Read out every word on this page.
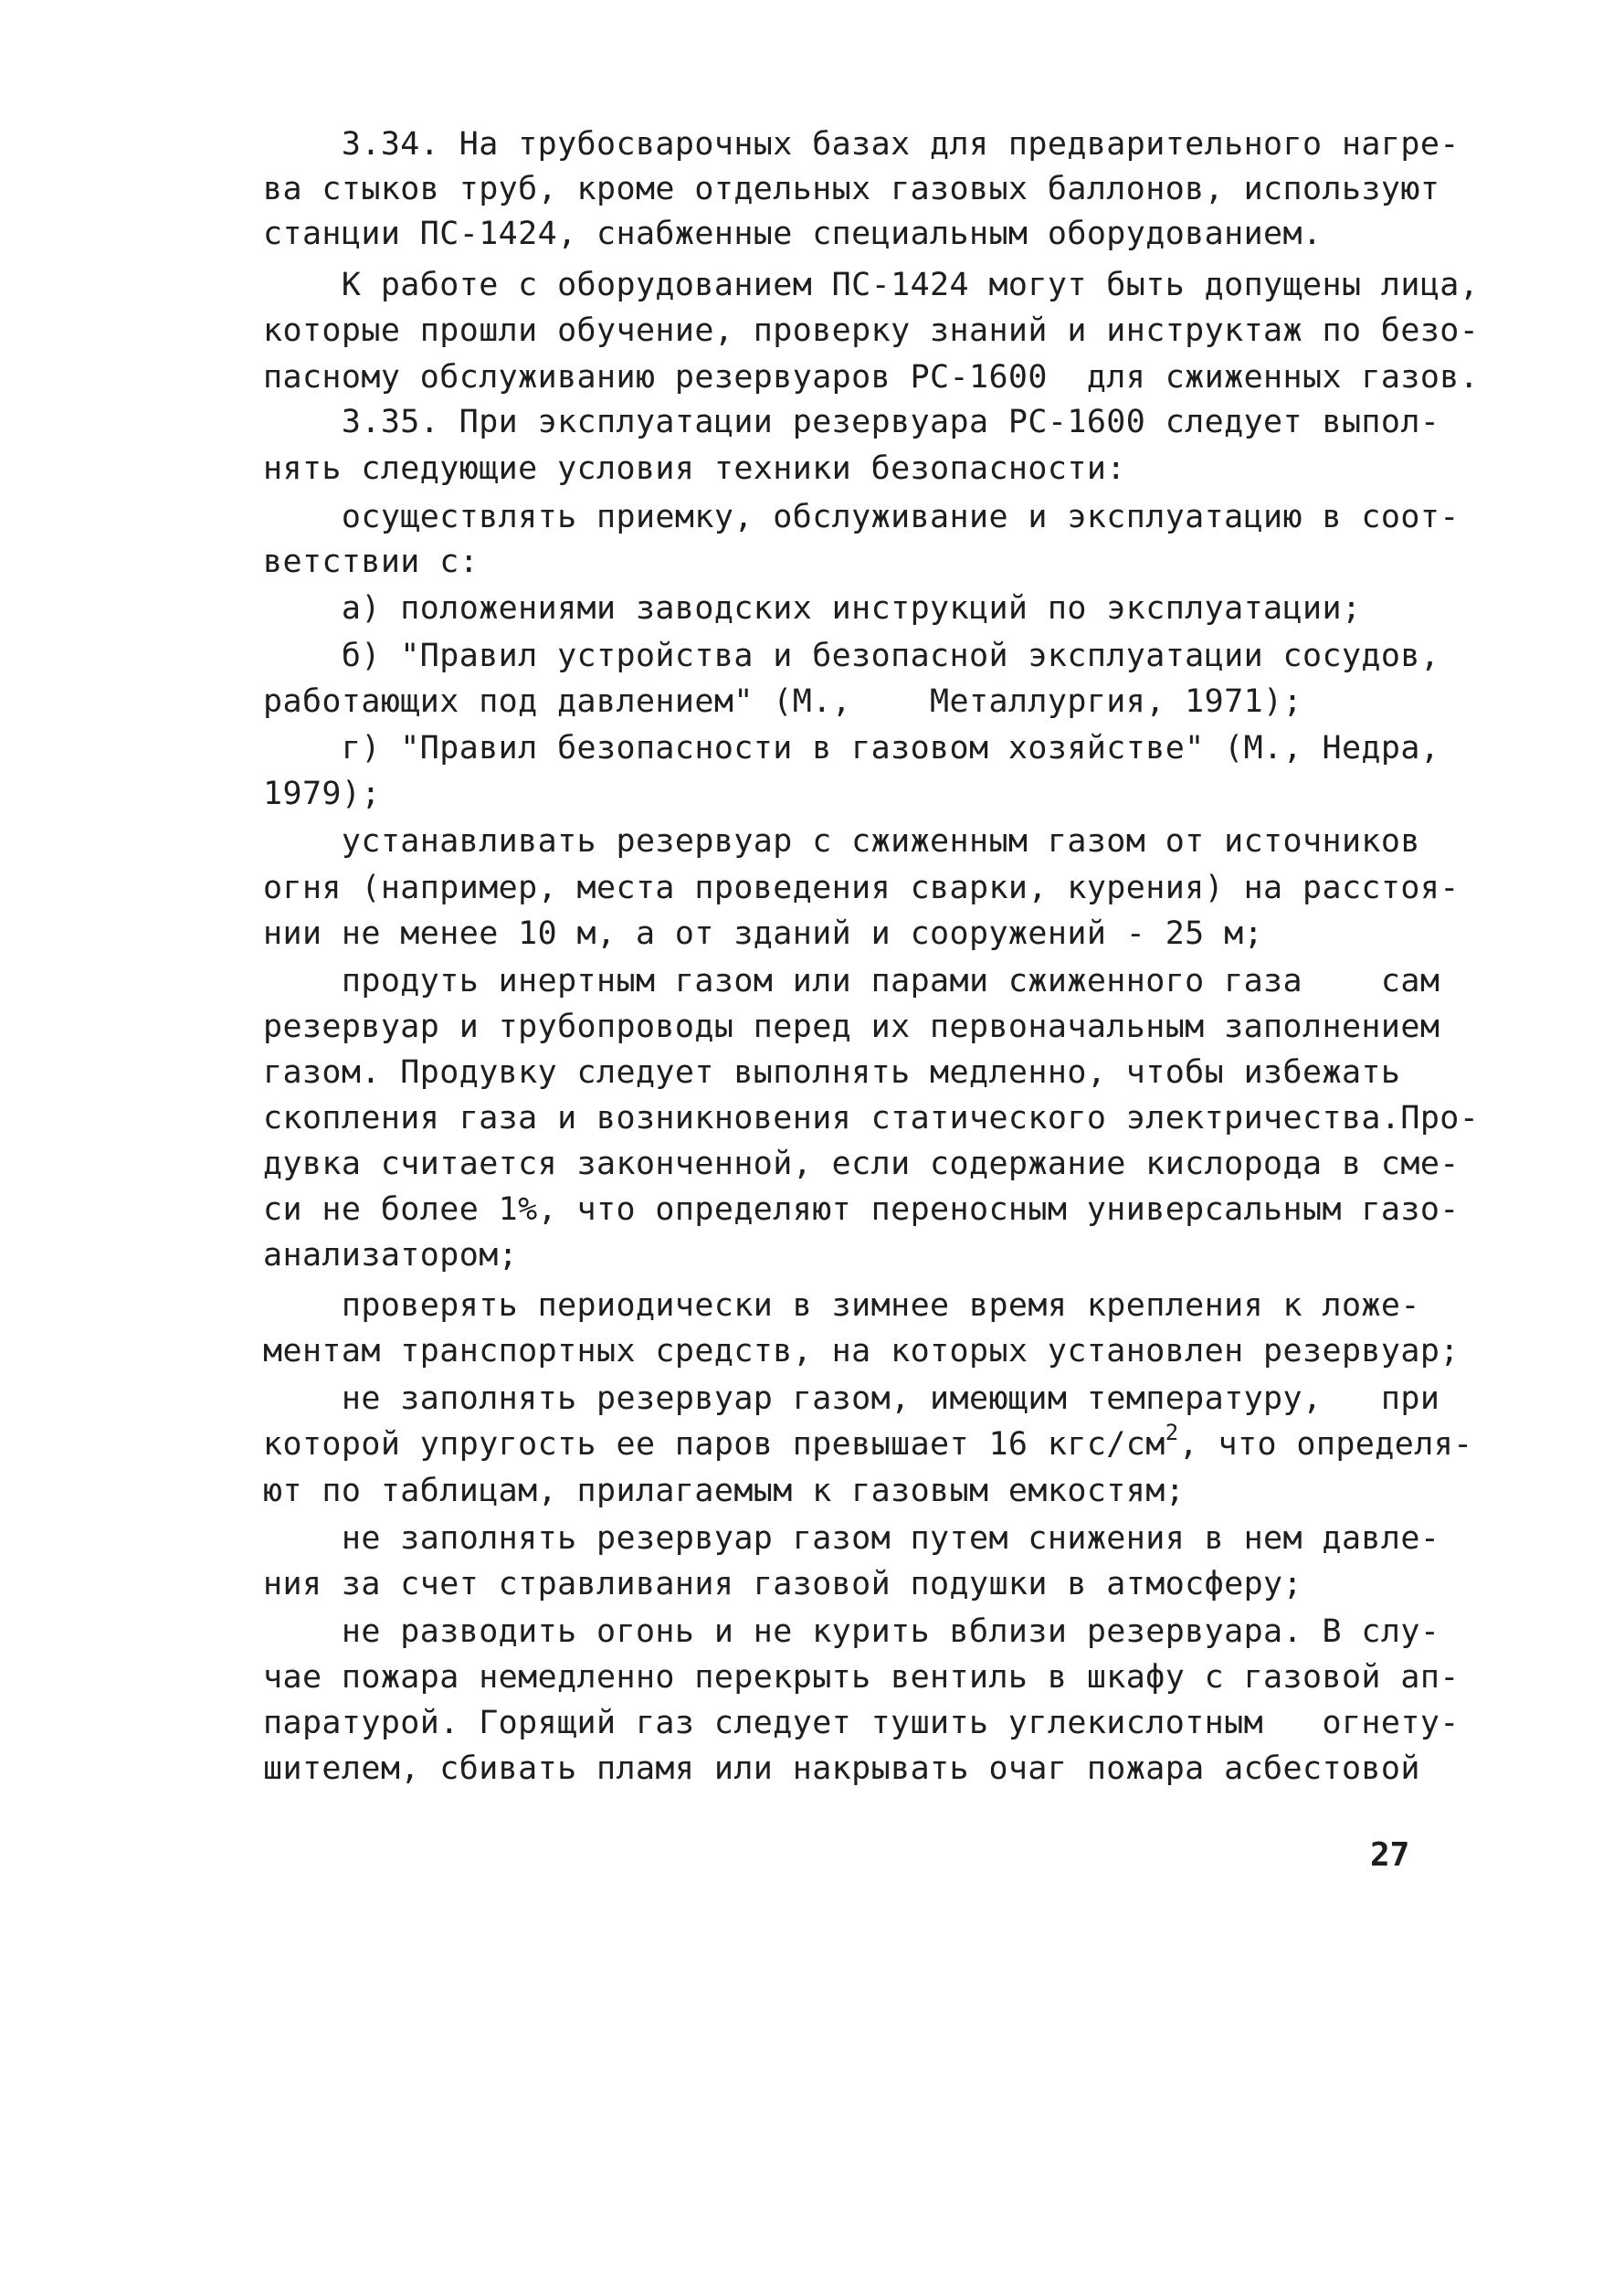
3.34. На трубосварочных базах для предварительного нагре-
ва стыков труб, кроме отдельных газовых баллонов, используют
станции ПС-1424, снабженные специальным оборудованием.
К работе с оборудованием ПС-1424 могут быть допущены лица,
которые прошли обучение, проверку знаний и инструктаж по безо-
пасному обслуживанию резервуаров РС-1600  для сжиженных газов.
3.35. При эксплуатации резервуара РС-1600 следует выпол-
нять следующие условия техники безопасности:
осуществлять приемку, обслуживание и эксплуатацию в соот-
ветствии с:
а) положениями заводских инструкций по эксплуатации;
б) "Правил устройства и безопасной эксплуатации сосудов,
работающих под давлением" (М.,    Металлургия, 1971);
г) "Правил безопасности в газовом хозяйстве" (М., Недра,
1979);
устанавливать резервуар с сжиженным газом от источников
огня (например, места проведения сварки, курения) на расстоя-
нии не менее 10 м, а от зданий и сооружений - 25 м;
продуть инертным газом или парами сжиженного газа    сам
резервуар и трубопроводы перед их первоначальным заполнением
газом. Продувку следует выполнять медленно, чтобы избежать
скопления газа и возникновения статического электричества.Про-
дувка считается законченной, если содержание кислорода в сме-
си не более 1%, что определяют переносным универсальным газо-
анализатором;
проверять периодически в зимнее время крепления к ложе-
ментам транспортных средств, на которых установлен резервуар;
не заполнять резервуар газом, имеющим температуру,   при
которой упругость ее паров превышает 16 кгс/$см^2$, что определя-
ют по таблицам, прилагаемым к газовым емкостям;
не заполнять резервуар газом путем снижения в нем давле-
ния за счет стравливания газовой подушки в атмосферу;
не разводить огонь и не курить вблизи резервуара. В слу-
чае пожара немедленно перекрыть вентиль в шкафу с газовой ап-
паратурой. Горящий газ следует тушить углекислотным   огнету-
шителем, сбивать пламя или накрывать очаг пожара асбестовой
27
